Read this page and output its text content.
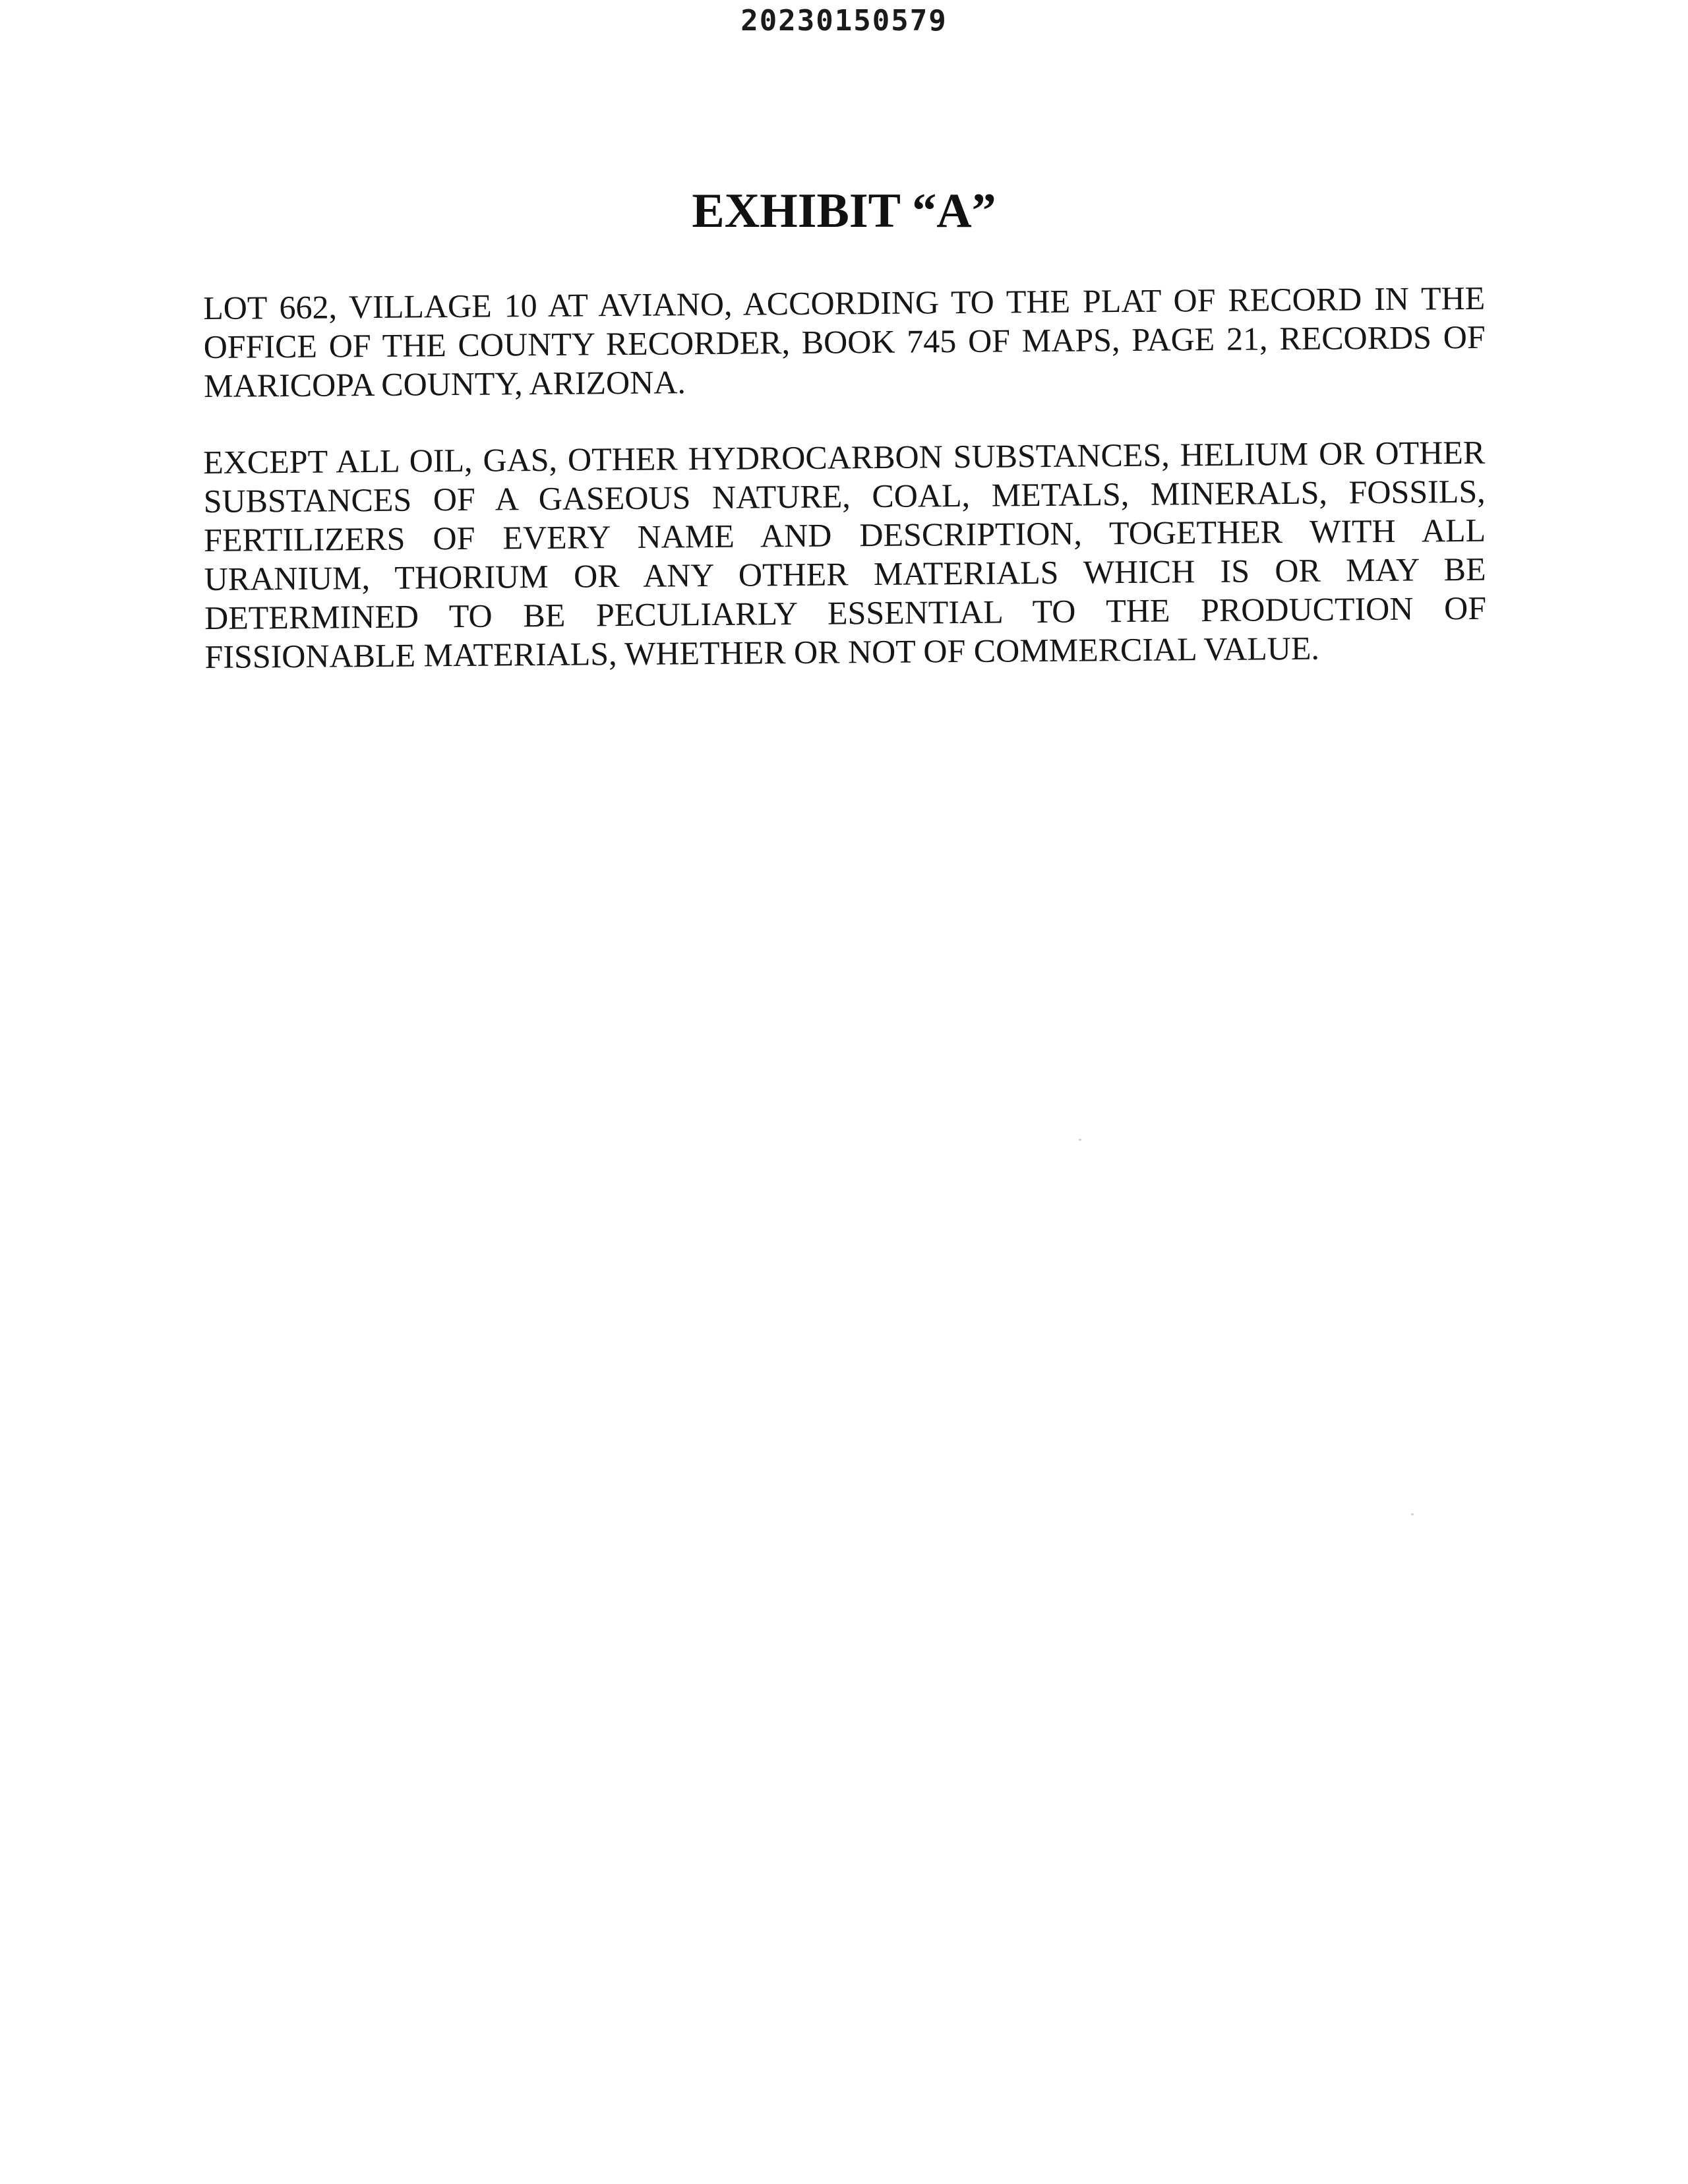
20230150579
EXHIBIT “A”
LOT 662, VILLAGE 10 AT AVIANO, ACCORDING TO THE PLAT OF RECORD IN THE OFFICE OF THE COUNTY RECORDER, BOOK 745 OF MAPS, PAGE 21, RECORDS OF MARICOPA COUNTY, ARIZONA.
EXCEPT ALL OIL, GAS, OTHER HYDROCARBON SUBSTANCES, HELIUM OR OTHER SUBSTANCES OF A GASEOUS NATURE, COAL, METALS, MINERALS, FOSSILS, FERTILIZERS OF EVERY NAME AND DESCRIPTION, TOGETHER WITH ALL URANIUM, THORIUM OR ANY OTHER MATERIALS WHICH IS OR MAY BE DETERMINED TO BE PECULIARLY ESSENTIAL TO THE PRODUCTION OF FISSIONABLE MATERIALS, WHETHER OR NOT OF COMMERCIAL VALUE.
